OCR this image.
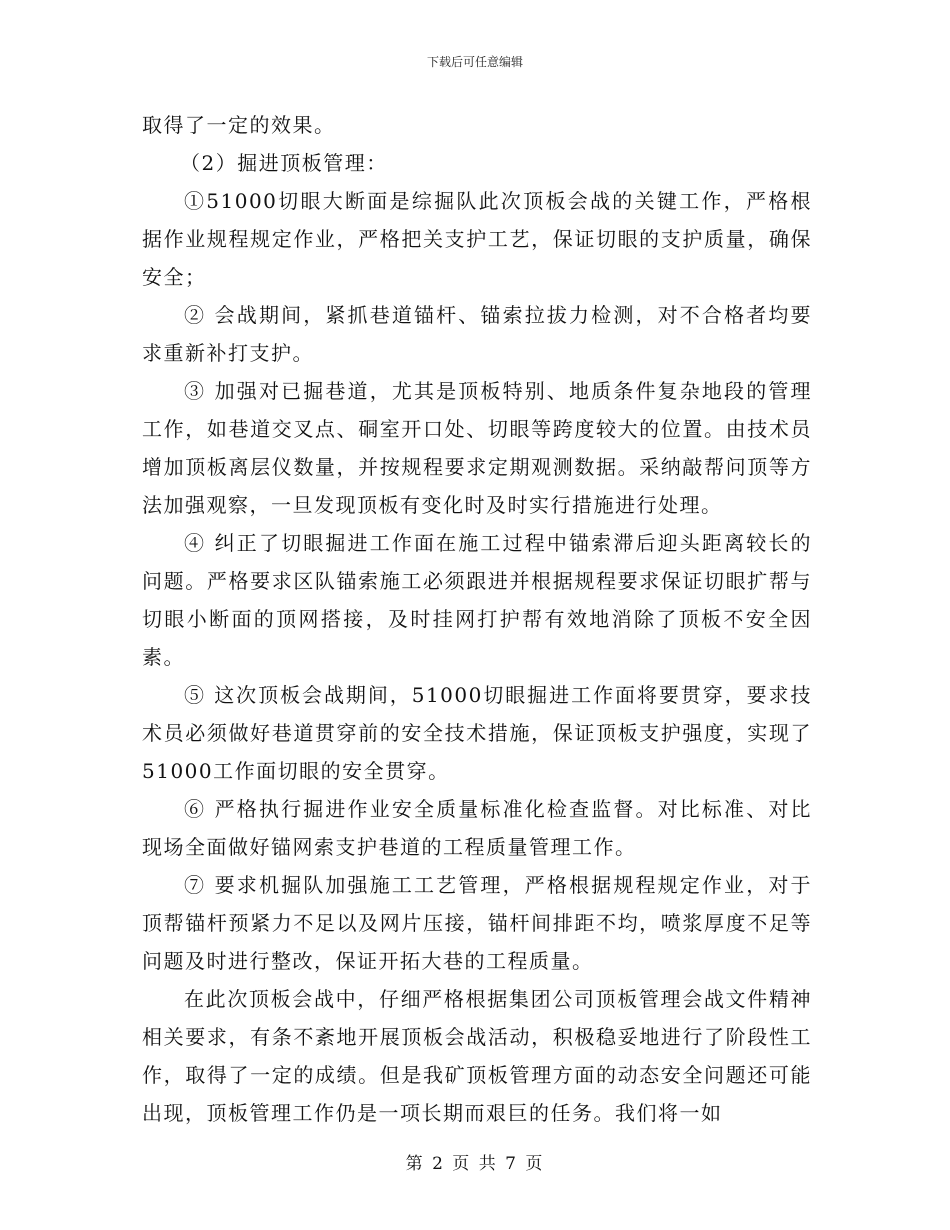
下载后可任意编辑

取得了一定的效果。

（2）掘进顶板管理：

①51000切眼大断面是综掘队此次顶板会战的关键工作，严格根据作业规程规定作业，严格把关支护工艺，保证切眼的支护质量，确保安全；

② 会战期间，紧抓巷道锚杆、锚索拉拔力检测，对不合格者均要求重新补打支护。

③ 加强对已掘巷道，尤其是顶板特别、地质条件复杂地段的管理工作，如巷道交叉点、硐室开口处、切眼等跨度较大的位置。由技术员增加顶板离层仪数量，并按规程要求定期观测数据。采纳敲帮问顶等方法加强观察，一旦发现顶板有变化时及时实行措施进行处理。

④ 纠正了切眼掘进工作面在施工过程中锚索滞后迎头距离较长的问题。严格要求区队锚索施工必须跟进并根据规程要求保证切眼扩帮与切眼小断面的顶网搭接，及时挂网打护帮有效地消除了顶板不安全因素。

⑤ 这次顶板会战期间，51000切眼掘进工作面将要贯穿，要求技术员必须做好巷道贯穿前的安全技术措施，保证顶板支护强度，实现了51000工作面切眼的安全贯穿。

⑥ 严格执行掘进作业安全质量标准化检查监督。对比标准、对比现场全面做好锚网索支护巷道的工程质量管理工作。

⑦ 要求机掘队加强施工工艺管理，严格根据规程规定作业，对于顶帮锚杆预紧力不足以及网片压接，锚杆间排距不均，喷浆厚度不足等问题及时进行整改，保证开拓大巷的工程质量。

在此次顶板会战中，仔细严格根据集团公司顶板管理会战文件精神相关要求，有条不紊地开展顶板会战活动，积极稳妥地进行了阶段性工作，取得了一定的成绩。但是我矿顶板管理方面的动态安全问题还可能出现，顶板管理工作仍是一项长期而艰巨的任务。我们将一如

第 2 页 共 7 页
